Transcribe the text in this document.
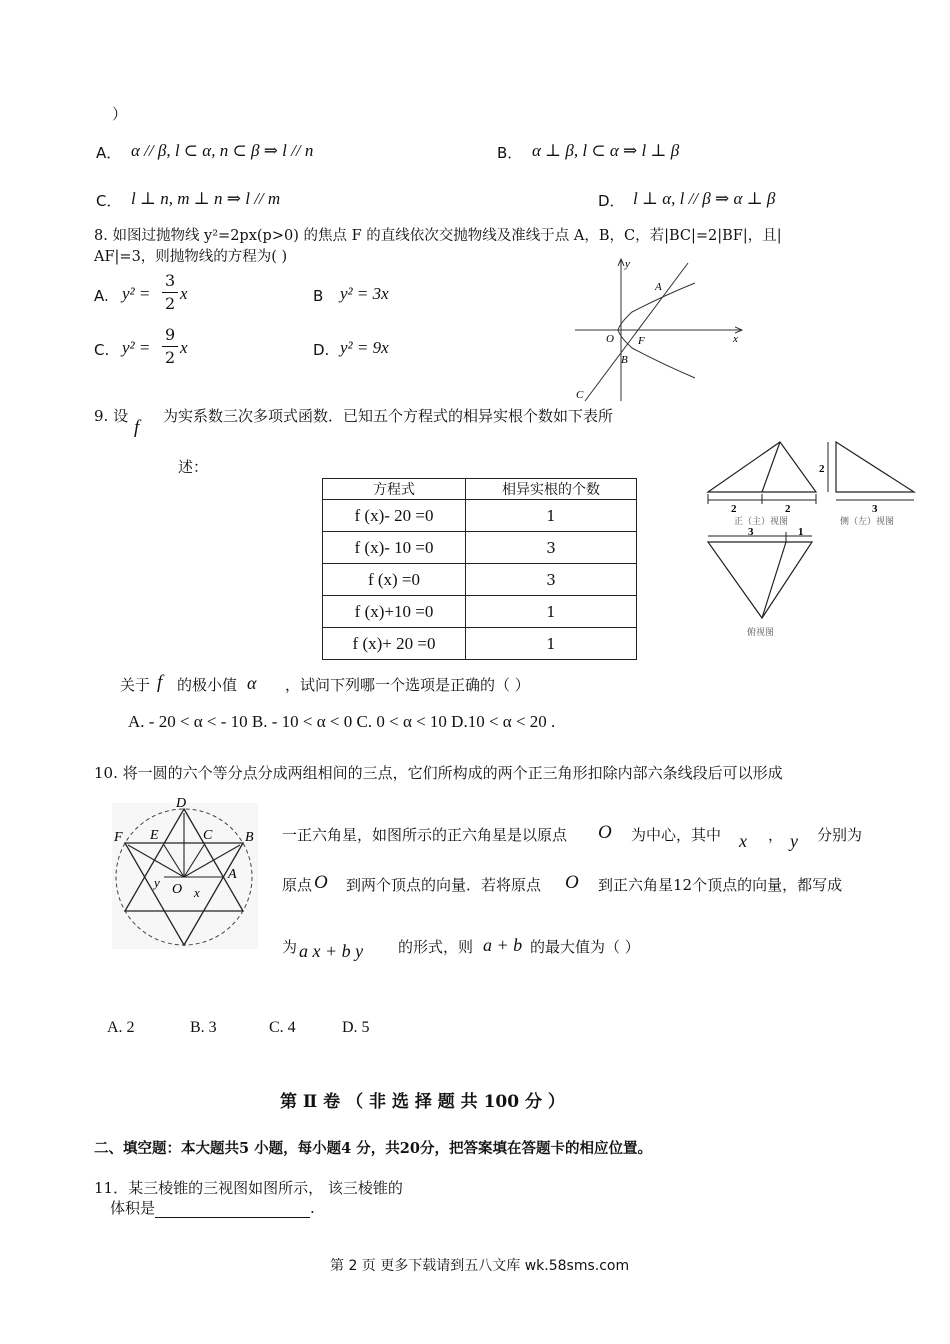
）
A． α // β, l ⊂ α, n ⊂ β ⇒ l // n	B． α ⊥ β, l ⊂ α ⇒ l ⊥ β
C． l ⊥ n, m ⊥ n ⇒ l // m	D． l ⊥ α, l // β ⇒ α ⊥ β
8. 如图过抛物线 y²=2px(p>0) 的焦点 F 的直线依次交抛物线及准线于点 A，B，C，若|BC|=2|BF|，且|
AF|=3，则抛物线的方程为( )
A. y² =
3
2
x	B y² = 3x
C. y² =
9
2
x	D. y² = 9x
y
x
A
O F
B
C
9. 设
f
为实系数三次多项式函数．已知五个方程式的相异实根个数如下表所
述：
方程式	相异实根的个数
f (x)- 20 =0	1
f (x)- 10 =0	3
f (x) =0	3
f (x)+10 =0	1
f (x)+ 20 =0	1
关于 f 的极小值 α ，试问下列哪一个选项是正确的（ ）
A. - 20 < α < - 10 B. - 10 < α < 0 C. 0 < α < 10 D.10 < α < 20 .
2	2
正（主）视图
2
3
侧（左）视图
3	1
俯视图
10. 将一圆的六个等分点分成两组相间的三点，它们所构成的两个正三角形扣除内部六条线段后可以形成
D
F E	C B
A
O x
y
一正六角星，如图所示的正六角星是以原点 O 为中心，其中 x ， y 分别为
原点 O 到两个顶点的向量．若将原点 O 到正六角星12个顶点的向量，都写成
为 a x + b y 的形式，则 a + b 的最大值为（ ）
A. 2	B. 3	C. 4	D. 5
第 Ⅱ 卷 （ 非 选 择 题 共 100 分 ）
二、填空题：本大题共5 小题，每小题4 分，共20分，把答案填在答题卡的相应位置。
11．某三棱锥的三视图如图所示， 该三棱锥的
体积是	.
第 2 页 更多下载请到五八文库 wk.58sms.com
